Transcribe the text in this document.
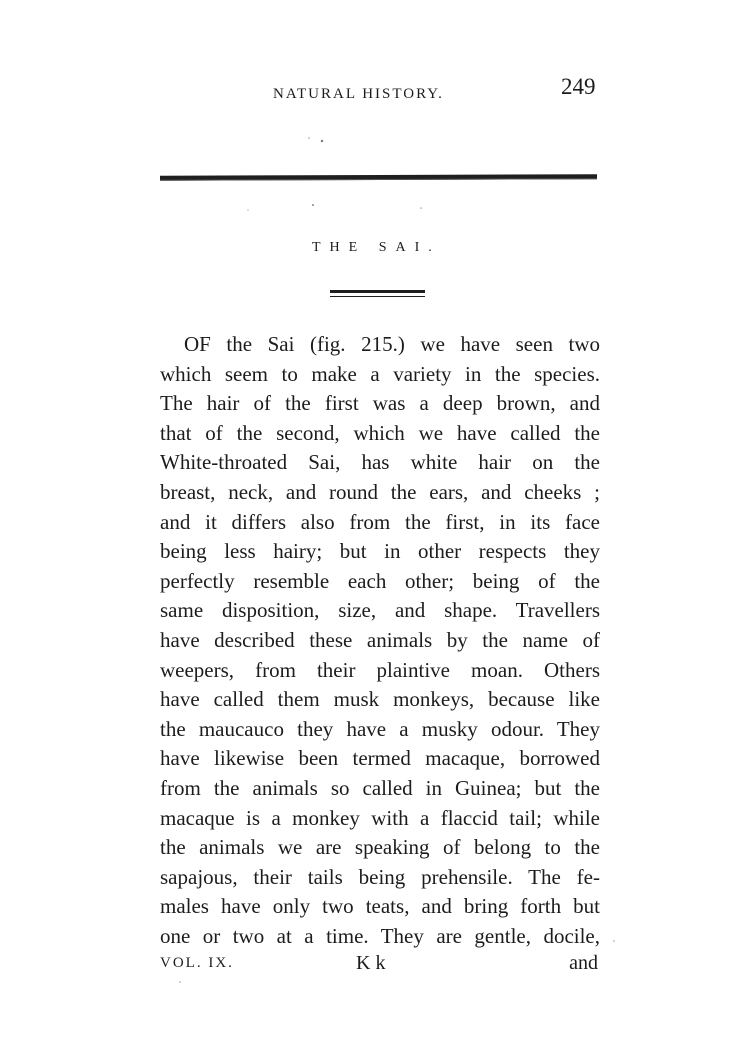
NATURAL HISTORY.	249
THE SAI.
OF the Sai (fig. 215.) we have seen two
which seem to make a variety in the species.
The hair of the first was a deep brown, and
that of the second, which we have called the
White-throated Sai, has white hair on the
breast, neck, and round the ears, and cheeks ;
and it differs also from the first, in its face
being less hairy; but in other respects they
perfectly resemble each other; being of the
same disposition, size, and shape. Travellers
have described these animals by the name of
weepers, from their plaintive moan. Others
have called them musk monkeys, because like
the maucauco they have a musky odour. They
have likewise been termed macaque, borrowed
from the animals so called in Guinea; but the
macaque is a monkey with a flaccid tail; while
the animals we are speaking of belong to the
sapajous, their tails being prehensile. The fe-
males have only two teats, and bring forth but
one or two at a time. They are gentle, docile,
VOL. IX.	K k	and
